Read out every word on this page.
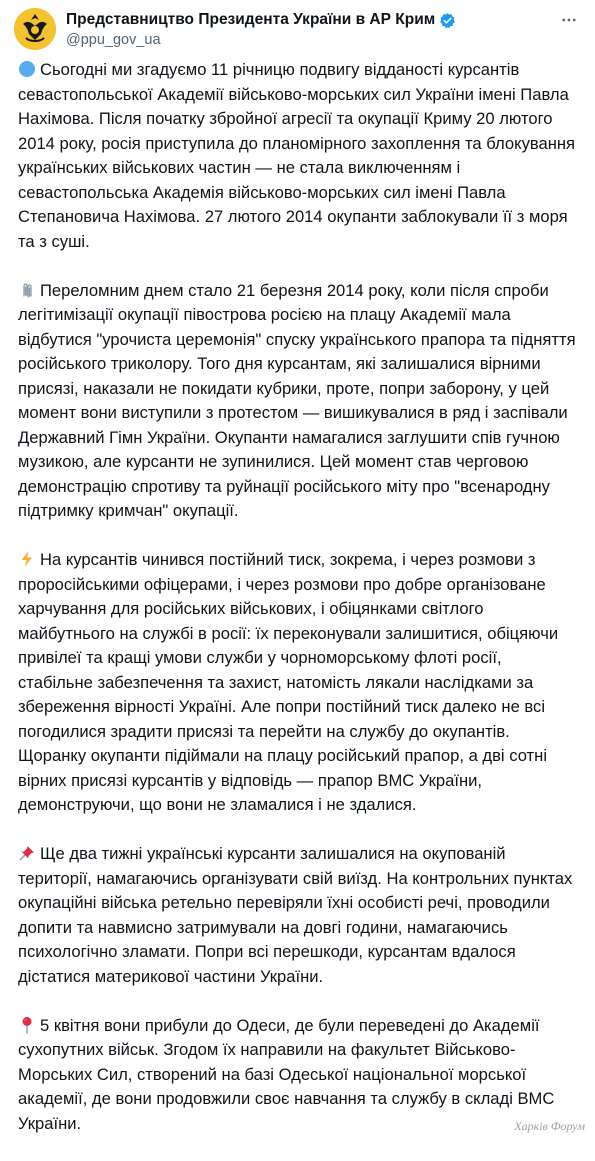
Представництво Президента України в АР Крим
@ppu_gov_ua

Сьогодні ми згадуємо 11 річницю подвигу відданості курсантів севастопольської Академії військово-морських сил України імені Павла Нахімова. Після початку збройної агресії та окупації Криму 20 лютого 2014 року, росія приступила до планомірного захоплення та блокування українських військових частин — не стала виключенням і севастопольська Академія військово-морських сил імені Павла Степановича Нахімова. 27 лютого 2014 окупанти заблокували її з моря та з суші.

Переломним днем стало 21 березня 2014 року, коли після спроби легітимізації окупації півострова росією на плацу Академії мала відбутися "урочиста церемонія" спуску українського прапора та підняття російського триколору. Того дня курсантам, які залишалися вірними присязі, наказали не покидати кубрики, проте, попри заборону, у цей момент вони виступили з протестом — вишикувалися в ряд і заспівали Державний Гімн України. Окупанти намагалися заглушити спів гучною музикою, але курсанти не зупинилися. Цей момент став черговою демонстрацію спротиву та руйнації російського міту про "всенародну підтримку кримчан" окупації.

На курсантів чинився постійний тиск, зокрема, і через розмови з проросійськими офіцерами, і через розмови про добре організоване харчування для російських військових, і обіцянками світлого майбутнього на службі в росії: їх переконували залишитися, обіцяючи привілеї та кращі умови служби у чорноморському флоті росії, стабільне забезпечення та захист, натомість лякали наслідками за збереження вірності Україні. Але попри постійний тиск далеко не всі погодилися зрадити присязі та перейти на службу до окупантів. Щоранку окупанти підіймали на плацу російський прапор, а дві сотні вірних присязі курсантів у відповідь — прапор ВМС України, демонструючи, що вони не зламалися і не здалися.

Ще два тижні українські курсанти залишалися на окупованій території, намагаючись організувати свій виїзд. На контрольних пунктах окупаційні війська ретельно перевіряли їхні особисті речі, проводили допити та навмисно затримували на довгі години, намагаючись психологічно зламати. Попри всі перешкоди, курсантам вдалося дістатися материкової частини України.

5 квітня вони прибули до Одеси, де були переведені до Академії сухопутних військ. Згодом їх направили на факультет Військово-Морських Сил, створений на базі Одеської національної морської академії, де вони продовжили своє навчання та службу в складі ВМС України.	Харків Форум
